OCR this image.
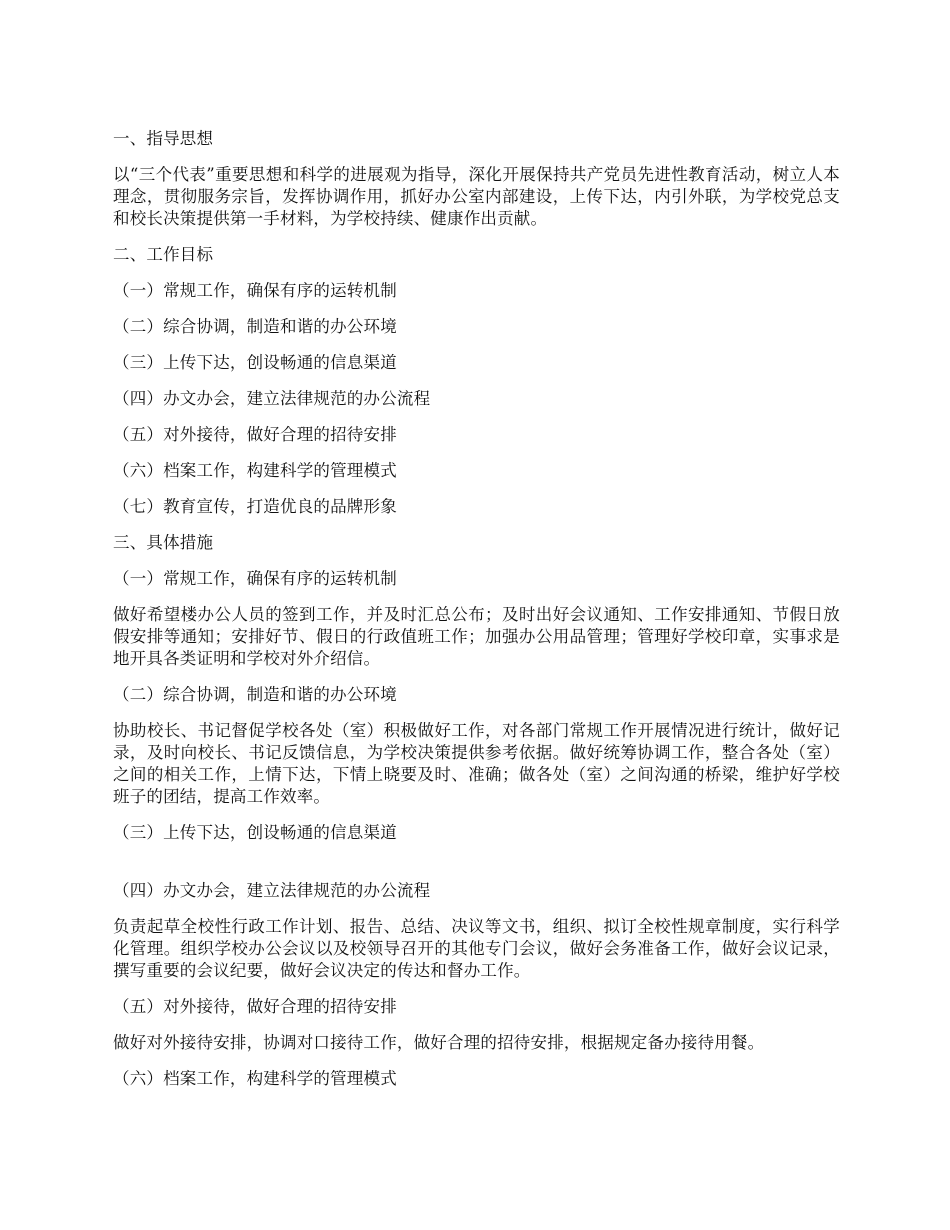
一、指导思想

以“三个代表”重要思想和科学的进展观为指导，深化开展保持共产党员先进性教育活动，树立人本理念，贯彻服务宗旨，发挥协调作用，抓好办公室内部建设，上传下达，内引外联，为学校党总支和校长决策提供第一手材料，为学校持续、健康作出贡献。

二、工作目标

（一）常规工作，确保有序的运转机制

（二）综合协调，制造和谐的办公环境

（三）上传下达，创设畅通的信息渠道

（四）办文办会，建立法律规范的办公流程

（五）对外接待，做好合理的招待安排

（六）档案工作，构建科学的管理模式

（七）教育宣传，打造优良的品牌形象

三、具体措施

（一）常规工作，确保有序的运转机制

做好希望楼办公人员的签到工作，并及时汇总公布；及时出好会议通知、工作安排通知、节假日放假安排等通知；安排好节、假日的行政值班工作；加强办公用品管理；管理好学校印章，实事求是地开具各类证明和学校对外介绍信。

（二）综合协调，制造和谐的办公环境

协助校长、书记督促学校各处（室）积极做好工作，对各部门常规工作开展情况进行统计，做好记录，及时向校长、书记反馈信息，为学校决策提供参考依据。做好统筹协调工作，整合各处（室）之间的相关工作，上情下达，下情上晓要及时、准确；做各处（室）之间沟通的桥梁，维护好学校班子的团结，提高工作效率。

（三）上传下达，创设畅通的信息渠道

（四）办文办会，建立法律规范的办公流程

负责起草全校性行政工作计划、报告、总结、决议等文书，组织、拟订全校性规章制度，实行科学化管理。组织学校办公会议以及校领导召开的其他专门会议，做好会务准备工作，做好会议记录，撰写重要的会议纪要，做好会议决定的传达和督办工作。

（五）对外接待，做好合理的招待安排

做好对外接待安排，协调对口接待工作，做好合理的招待安排，根据规定备办接待用餐。

（六）档案工作，构建科学的管理模式
